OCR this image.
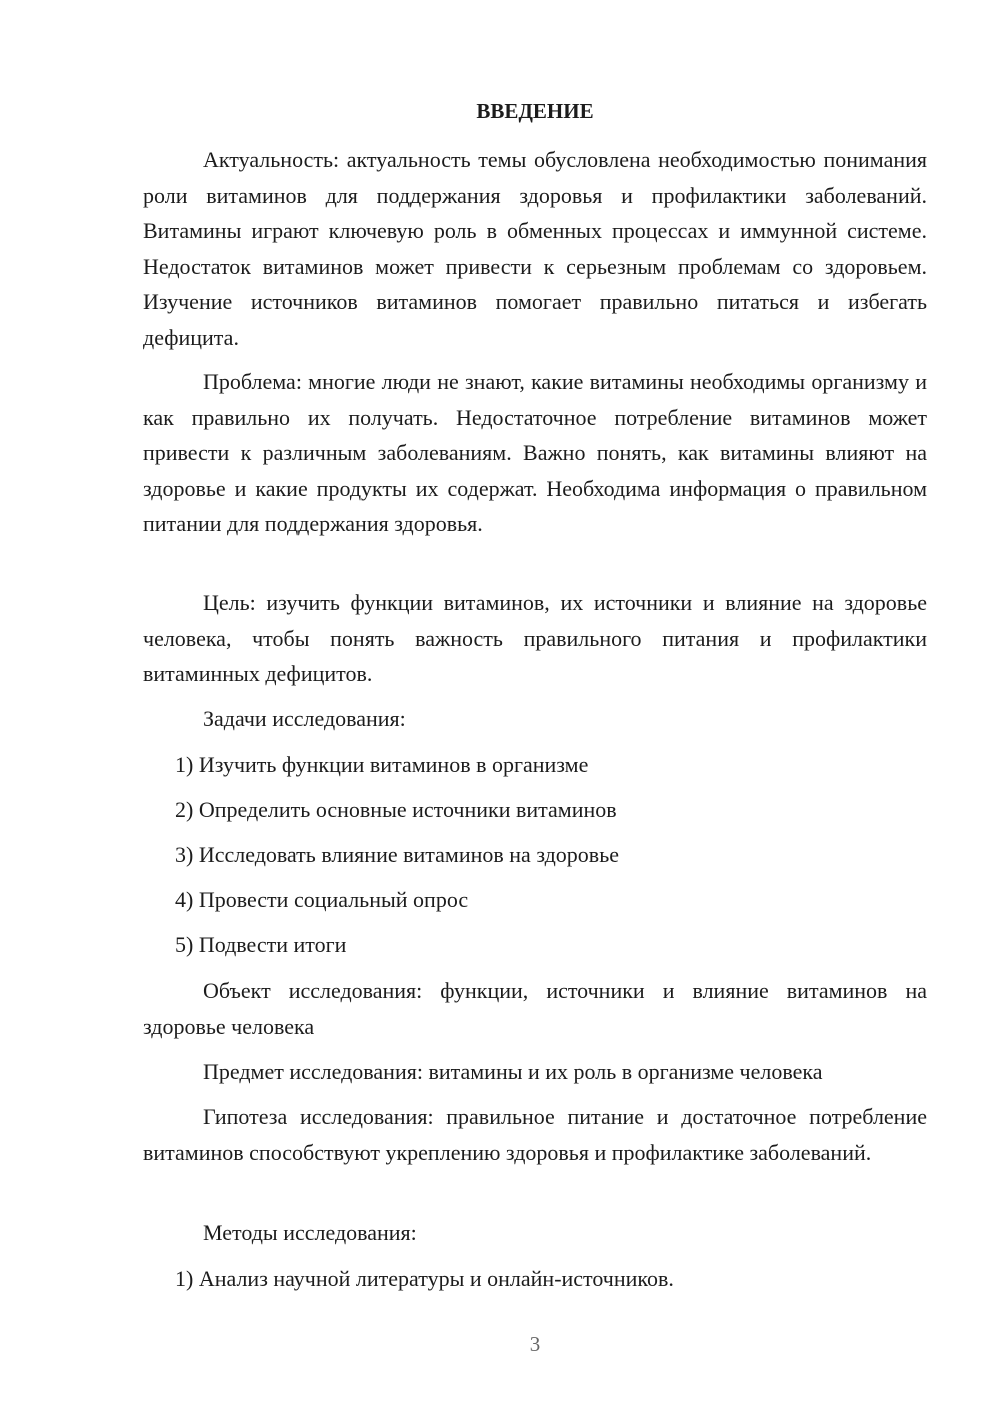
ВВЕДЕНИЕ

Актуальность: актуальность темы обусловлена необходимостью понимания роли витаминов для поддержания здоровья и профилактики заболеваний. Витамины играют ключевую роль в обменных процессах и иммунной системе. Недостаток витаминов может привести к серьезным проблемам со здоровьем. Изучение источников витаминов помогает правильно питаться и избегать дефицита.

Проблема: многие люди не знают, какие витамины необходимы организму и как правильно их получать. Недостаточное потребление витаминов может привести к различным заболеваниям. Важно понять, как витамины влияют на здоровье и какие продукты их содержат. Необходима информация о правильном питании для поддержания здоровья.

Цель: изучить функции витаминов, их источники и влияние на здоровье человека, чтобы понять важность правильного питания и профилактики витаминных дефицитов.

Задачи исследования:

1) Изучить функции витаминов в организме

2) Определить основные источники витаминов

3) Исследовать влияние витаминов на здоровье

4) Провести социальный опрос

5) Подвести итоги

Объект исследования: функции, источники и влияние витаминов на здоровье человека

Предмет исследования: витамины и их роль в организме человека

Гипотеза исследования: правильное питание и достаточное потребление витаминов способствуют укреплению здоровья и профилактике заболеваний.

Методы исследования:

1) Анализ научной литературы и онлайн-источников.

3
